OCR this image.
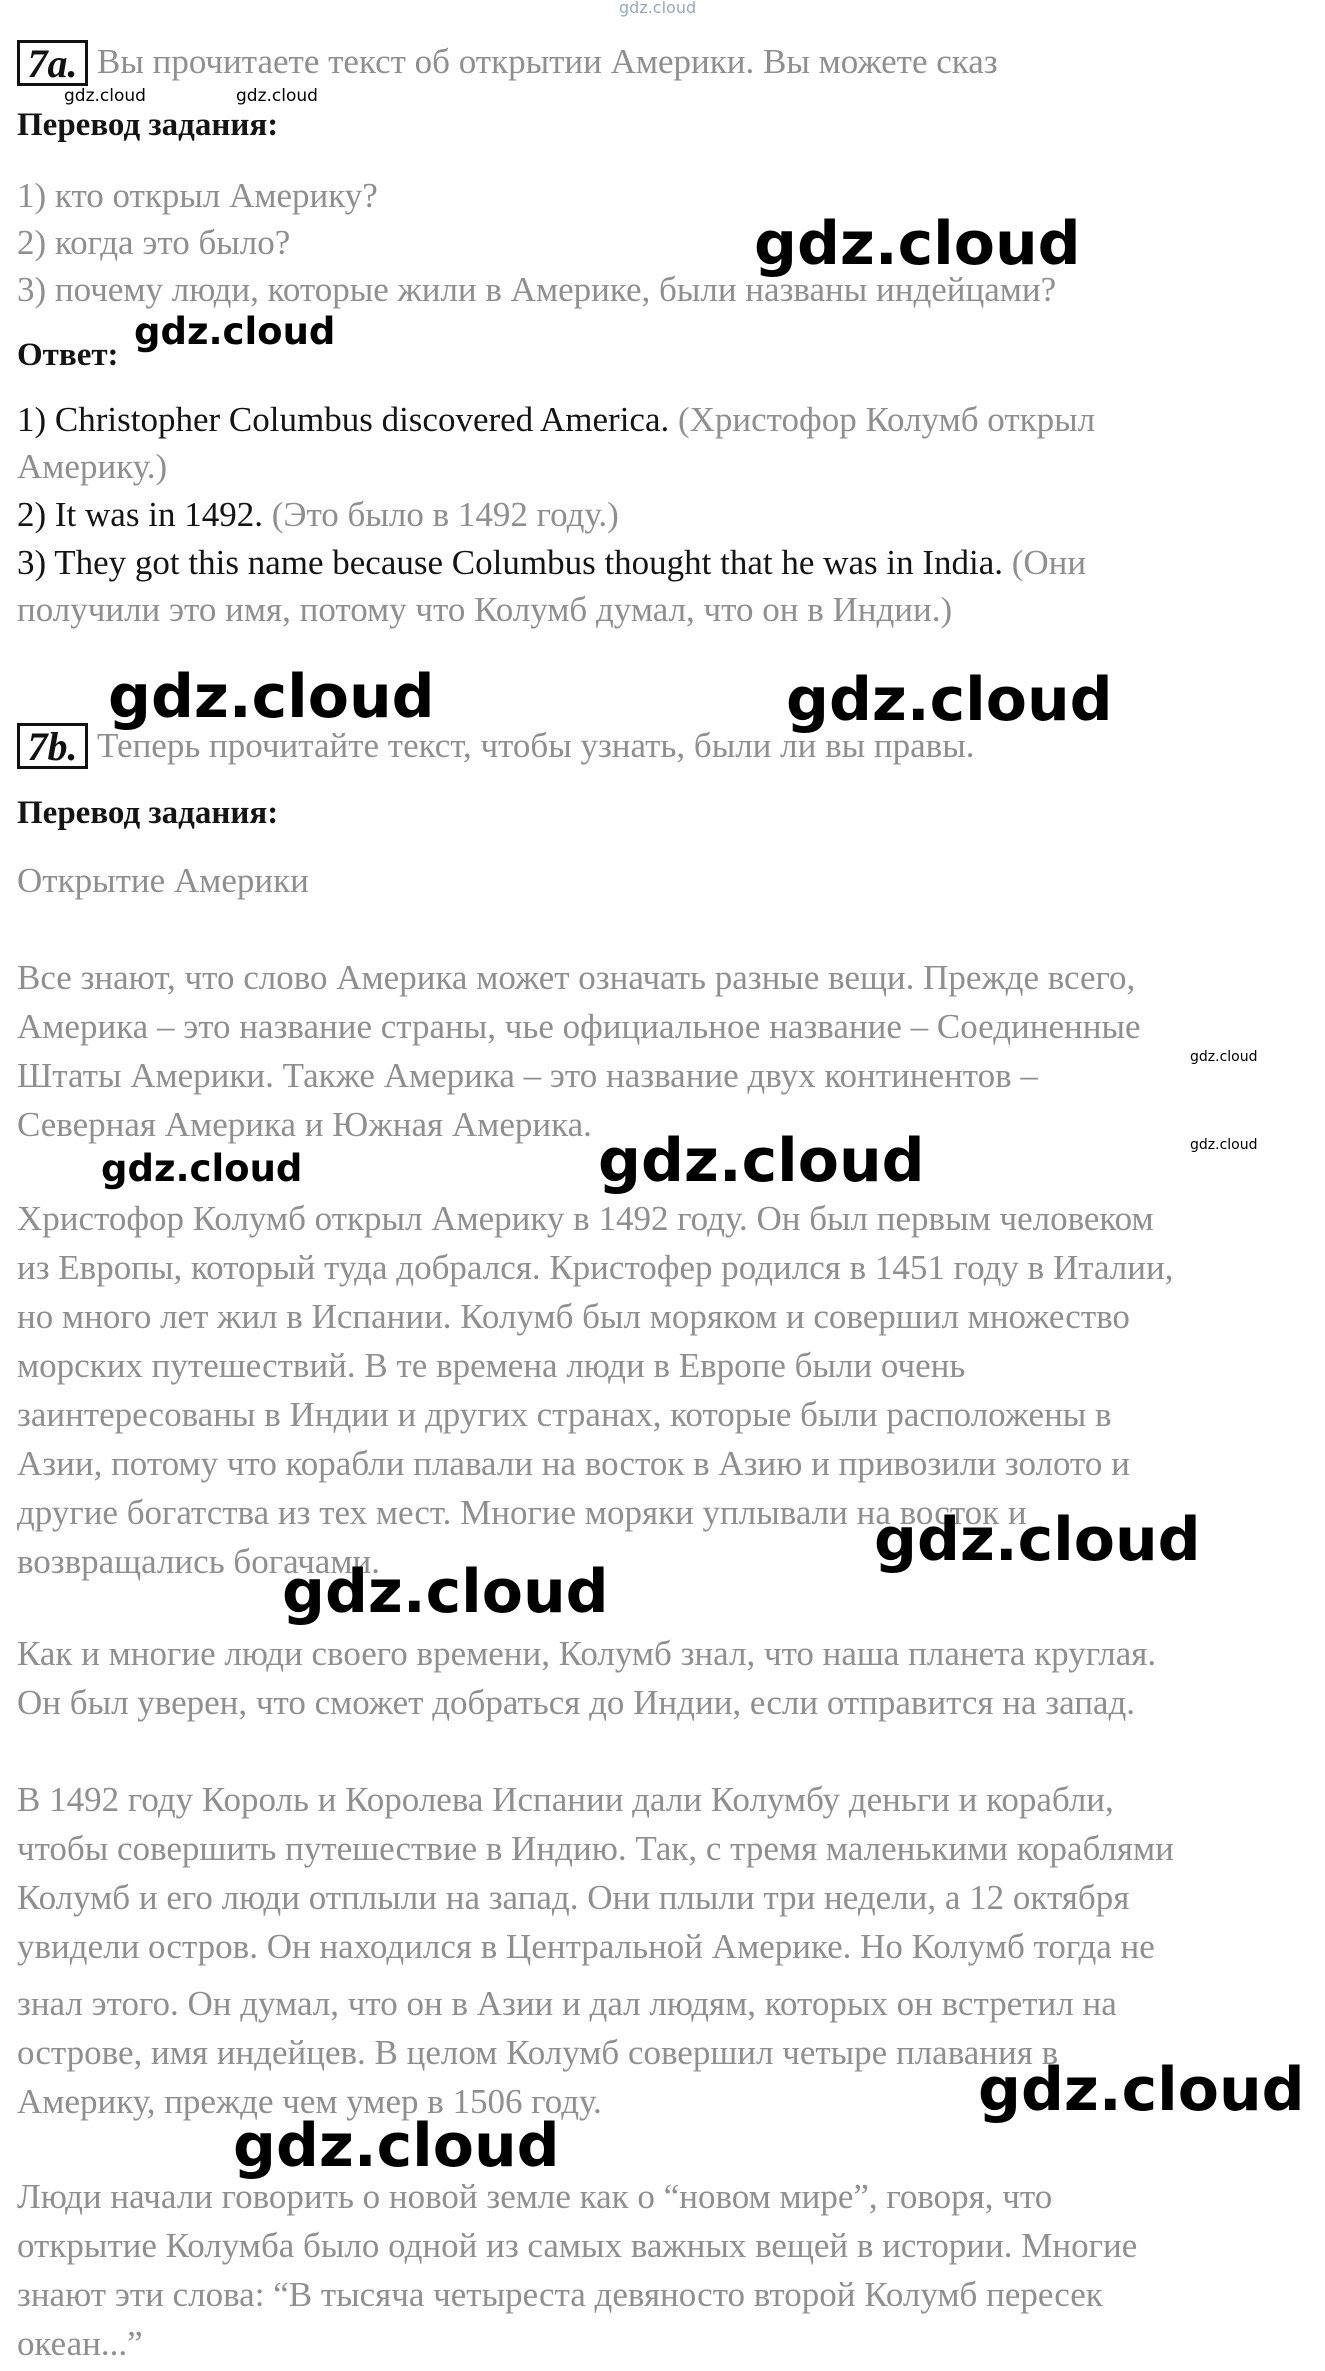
gdz.cloud
7a. Вы прочитаете текст об открытии Америки. Вы можете сказ
gdz.cloud	gdz.cloud
Перевод задания:
1) кто открыл Америку?
2) когда это было?
3) почему люди, которые жили в Америке, были названы индейцами?
Ответ:
1) Christopher Columbus discovered America. (Христофор Колумб открыл
Америку.)
2) It was in 1492. (Это было в 1492 году.)
3) They got this name because Columbus thought that he was in India. (Они
получили это имя, потому что Колумб думал, что он в Индии.)
7b. Теперь прочитайте текст, чтобы узнать, были ли вы правы.
Перевод задания:
Открытие Америки
Все знают, что слово Америка может означать разные вещи. Прежде всего,
Америка – это название страны, чье официальное название – Соединенные
Штаты Америки. Также Америка – это название двух континентов –
Северная Америка и Южная Америка.
Христофор Колумб открыл Америку в 1492 году. Он был первым человеком
из Европы, который туда добрался. Кристофер родился в 1451 году в Италии,
но много лет жил в Испании. Колумб был моряком и совершил множество
морских путешествий. В те времена люди в Европе были очень
заинтересованы в Индии и других странах, которые были расположены в
Азии, потому что корабли плавали на восток в Азию и привозили золото и
другие богатства из тех мест. Многие моряки уплывали на восток и
возвращались богачами.
Как и многие люди своего времени, Колумб знал, что наша планета круглая.
Он был уверен, что сможет добраться до Индии, если отправится на запад.
В 1492 году Король и Королева Испании дали Колумбу деньги и корабли,
чтобы совершить путешествие в Индию. Так, с тремя маленькими кораблями
Колумб и его люди отплыли на запад. Они плыли три недели, а 12 октября
увидели остров. Он находился в Центральной Америке. Но Колумб тогда не
знал этого. Он думал, что он в Азии и дал людям, которых он встретил на
острове, имя индейцев. В целом Колумб совершил четыре плавания в
Америку, прежде чем умер в 1506 году.
Люди начали говорить о новой земле как о “новом мире”, говоря, что
открытие Колумба было одной из самых важных вещей в истории. Многие
знают эти слова: “В тысяча четыреста девяносто второй Колумб пересек
океан...”
gdz.cloud
gdz.cloud
gdz.cloud	gdz.cloud
gdz.cloud
gdz.cloud
gdz.cloud	gdz.cloud
gdz.cloud
gdz.cloud
gdz.cloud
gdz.cloud
